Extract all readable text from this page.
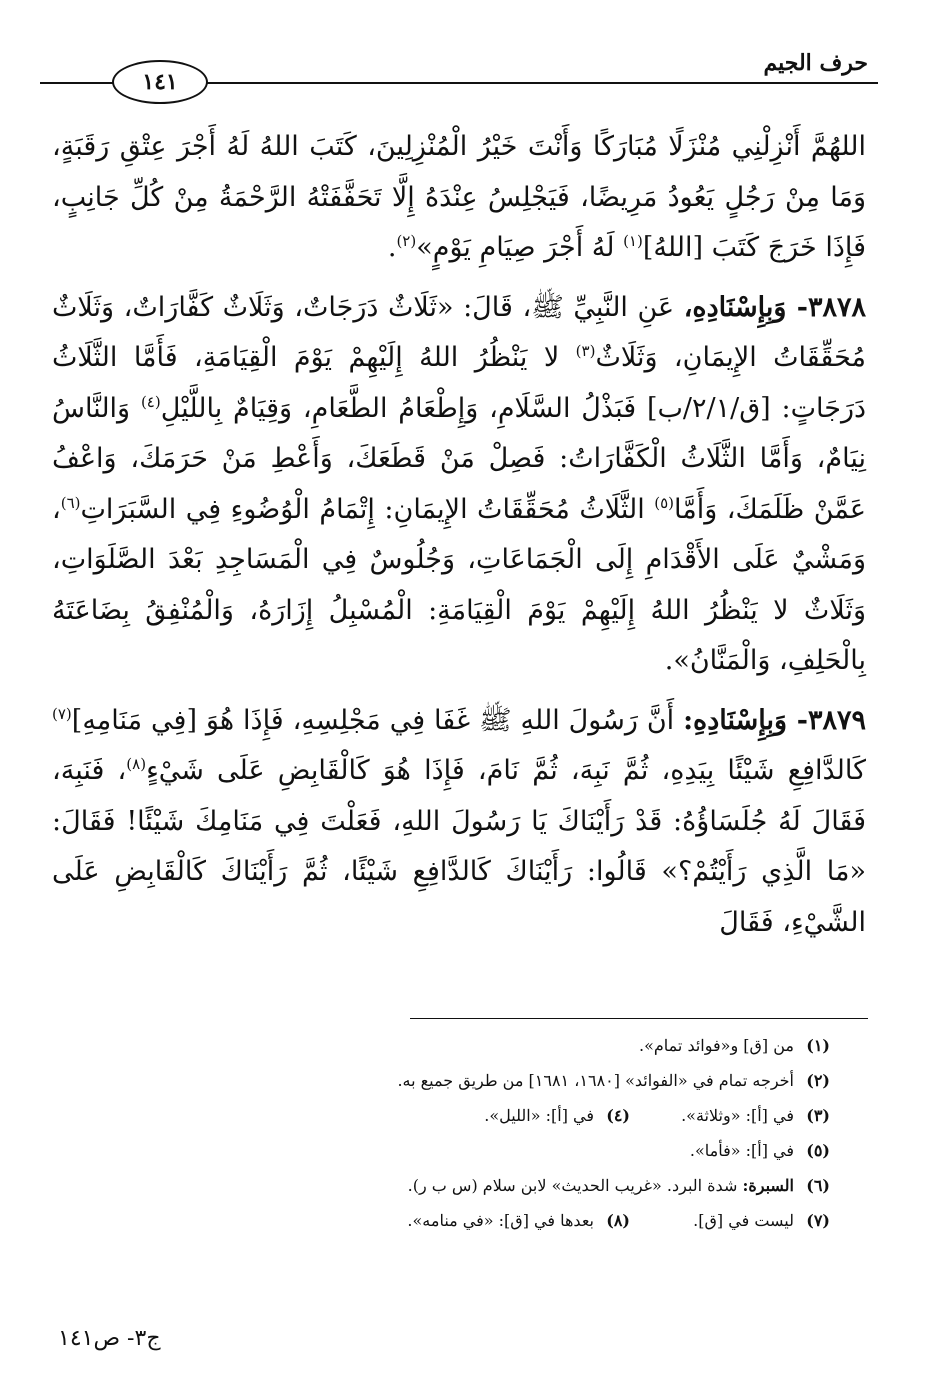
حرف الجيم
١٤١

اللهُمَّ أَنْزِلْنِي مُنْزَلًا مُبَارَكًا وَأَنْتَ خَيْرُ الْمُنْزِلِينَ، كَتَبَ اللهُ لَهُ أَجْرَ عِتْقِ رَقَبَةٍ، وَمَا مِنْ رَجُلٍ يَعُودُ مَرِيضًا، فَيَجْلِسُ عِنْدَهُ إِلَّا تَحَفَّفَتْهُ الرَّحْمَةُ مِنْ كُلِّ جَانِبٍ، فَإِذَا خَرَجَ كَتَبَ [اللهُ]$^{(١)}$ لَهُ أَجْرَ صِيَامِ يَوْمٍ»$^{(٢)}$.

٣٨٧٨- وَبِإِسْنَادِهِ، عَنِ النَّبِيِّ ﷺ، قَالَ: «ثَلَاثٌ دَرَجَاتٌ، وَثَلَاثٌ كَفَّارَاتٌ، وَثَلَاثٌ مُحَقِّقَاتُ الإِيمَانِ، وَثَلَاثٌ$^{(٣)}$ لا يَنْظُرُ اللهُ إِلَيْهِمْ يَوْمَ الْقِيَامَةِ، فَأَمَّا الثَّلَاثُ دَرَجَاتٍ: [ق/٢/١/ب] فَبَذْلُ السَّلَامِ، وَإِطْعَامُ الطَّعَامِ، وَقِيَامٌ بِاللَّيْلِ$^{(٤)}$ وَالنَّاسُ نِيَامٌ، وَأَمَّا الثَّلَاثُ الْكَفَّارَاتُ: فَصِلْ مَنْ قَطَعَكَ، وَأَعْطِ مَنْ حَرَمَكَ، وَاعْفُ عَمَّنْ ظَلَمَكَ، وَأَمَّا$^{(٥)}$ الثَّلَاثُ مُحَقِّقَاتُ الإِيمَانِ: إِتْمَامُ الْوُضُوءِ فِي السَّبَرَاتِ$^{(٦)}$، وَمَشْيٌ عَلَى الأَقْدَامِ إِلَى الْجَمَاعَاتِ، وَجُلُوسٌ فِي الْمَسَاجِدِ بَعْدَ الصَّلَوَاتِ، وَثَلَاثٌ لا يَنْظُرُ اللهُ إِلَيْهِمْ يَوْمَ الْقِيَامَةِ: الْمُسْبِلُ إِزَارَهُ، وَالْمُنْفِقُ بِضَاعَتَهُ بِالْحَلِفِ، وَالْمَنَّانُ».

٣٨٧٩- وَبِإِسْنَادِهِ: أَنَّ رَسُولَ اللهِ ﷺ غَفَا فِي مَجْلِسِهِ، فَإِذَا هُوَ [فِي مَنَامِهِ]$^{(٧)}$ كَالدَّافِعِ شَيْئًا بِيَدِهِ، ثُمَّ نَبِهَ، ثُمَّ نَامَ، فَإِذَا هُوَ كَالْقَابِضِ عَلَى شَيْءٍ$^{(٨)}$، فَنَبِهَ، فَقَالَ لَهُ جُلَسَاؤُهُ: قَدْ رَأَيْنَاكَ يَا رَسُولَ اللهِ، فَعَلْتَ فِي مَنَامِكَ شَيْئًا! فَقَالَ: «مَا الَّذِي رَأَيْتُمْ؟» قَالُوا: رَأَيْنَاكَ كَالدَّافِعِ شَيْئًا، ثُمَّ رَأَيْنَاكَ كَالْقَابِضِ عَلَى الشَّيْءِ، فَقَالَ

(١)من [ق] و«فوائد تمام».
(٢)أخرجه تمام في «الفوائد» [١٦٨٠، ١٦٨١] من طريق جميع به.
(٣)في [أ]: «وثلاثة».(٤)في [أ]: «الليل».
(٥)في [أ]: «فأما».
(٦)السبرة: شدة البرد. «غريب الحديث» لابن سلام (س ب ر).
(٧)ليست في [ق].(٨)بعدها في [ق]: «في منامه».
ج٣- ص١٤١
